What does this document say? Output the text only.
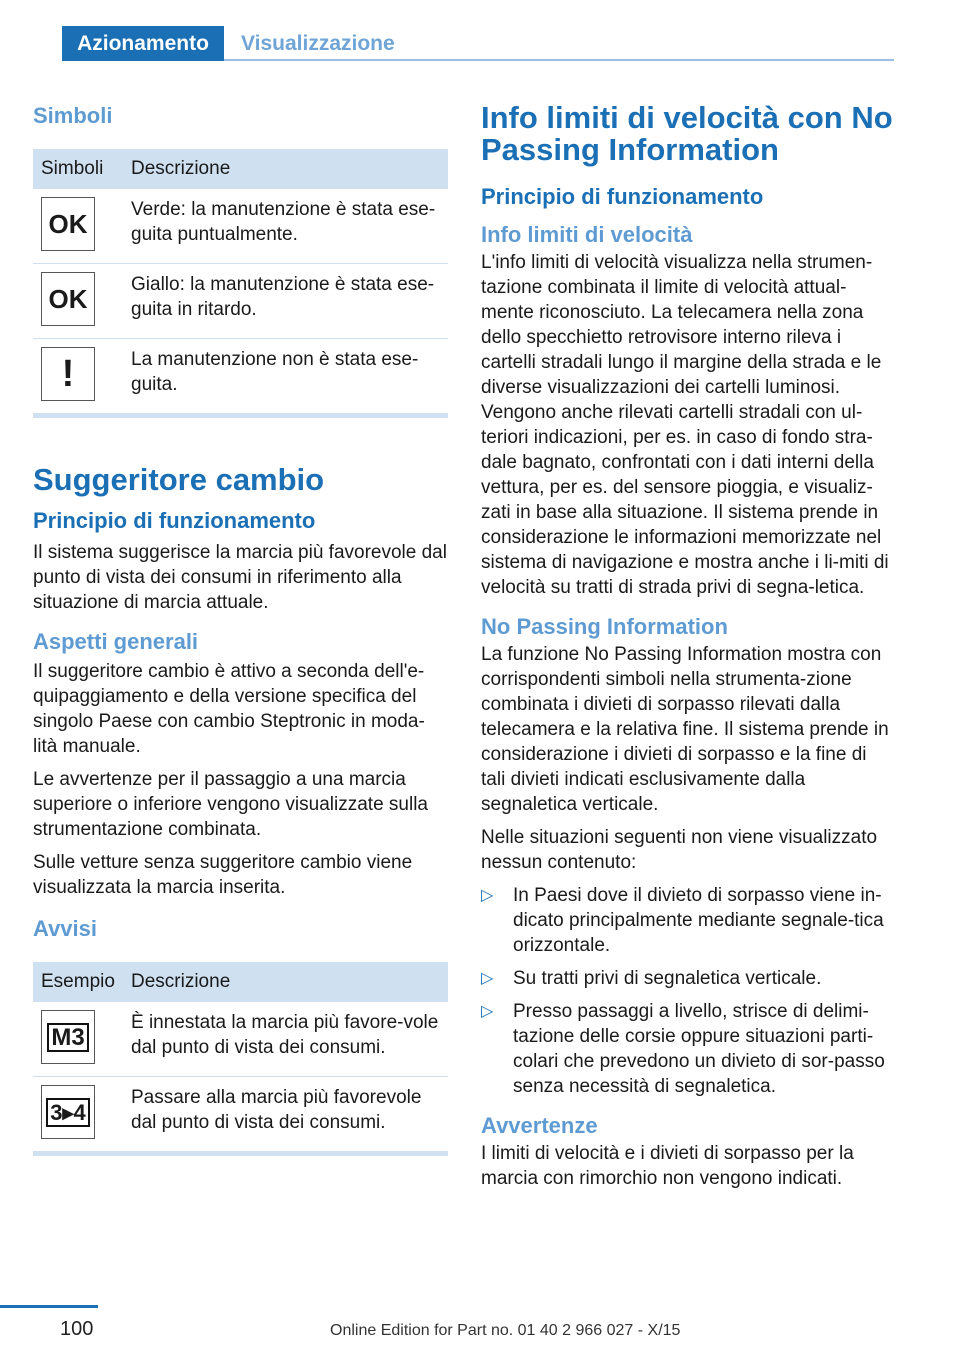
Azionamento	Visualizzazione
Simboli
Simboli	Descrizione

OK	Verde: la manutenzione è stata ese-guita puntualmente.

OK	Giallo: la manutenzione è stata ese-guita in ritardo.

!	La manutenzione non è stata ese-guita.
Suggeritore cambio
Principio di funzionamento

Il sistema suggerisce la marcia più favorevole dal punto di vista dei consumi in riferimento alla situazione di marcia attuale.

Aspetti generali

Il suggeritore cambio è attivo a seconda dell'e-quipaggiamento e della versione specifica del singolo Paese con cambio Steptronic in moda-lità manuale.

Le avvertenze per il passaggio a una marcia superiore o inferiore vengono visualizzate sulla strumentazione combinata.

Sulle vetture senza suggeritore cambio viene visualizzata la marcia inserita.

Avvisi
Esempio	Descrizione

M3	È innestata la marcia più favore-vole dal punto di vista dei consumi.

3▸4	Passare alla marcia più favorevole dal punto di vista dei consumi.
Info limiti di velocità con No Passing Information
Principio di funzionamento
Info limiti di velocità

L'info limiti di velocità visualizza nella strumen-tazione combinata il limite di velocità attual-mente riconosciuto. La telecamera nella zona dello specchietto retrovisore interno rileva i cartelli stradali lungo il margine della strada e le diverse visualizzazioni dei cartelli luminosi. Vengono anche rilevati cartelli stradali con ul-teriori indicazioni, per es. in caso di fondo stra-dale bagnato, confrontati con i dati interni della vettura, per es. del sensore pioggia, e visualiz-zati in base alla situazione. Il sistema prende in considerazione le informazioni memorizzate nel sistema di navigazione e mostra anche i li-miti di velocità su tratti di strada privi di segna-letica.

No Passing Information

La funzione No Passing Information mostra con corrispondenti simboli nella strumenta-zione combinata i divieti di sorpasso rilevati dalla telecamera e la relativa fine. Il sistema prende in considerazione i divieti di sorpasso e la fine di tali divieti indicati esclusivamente dalla segnaletica verticale.

Nelle situazioni seguenti non viene visualizzato nessun contenuto:

▷	In Paesi dove il divieto di sorpasso viene in-dicato principalmente mediante segnale-tica orizzontale.
▷	Su tratti privi di segnaletica verticale.
▷	Presso passaggi a livello, strisce di delimi-tazione delle corsie oppure situazioni parti-colari che prevedono un divieto di sor-passo senza necessità di segnaletica.
Avvertenze

I limiti di velocità e i divieti di sorpasso per la marcia con rimorchio non vengono indicati.

100	Online Edition for Part no. 01 40 2 966 027 - X/15
